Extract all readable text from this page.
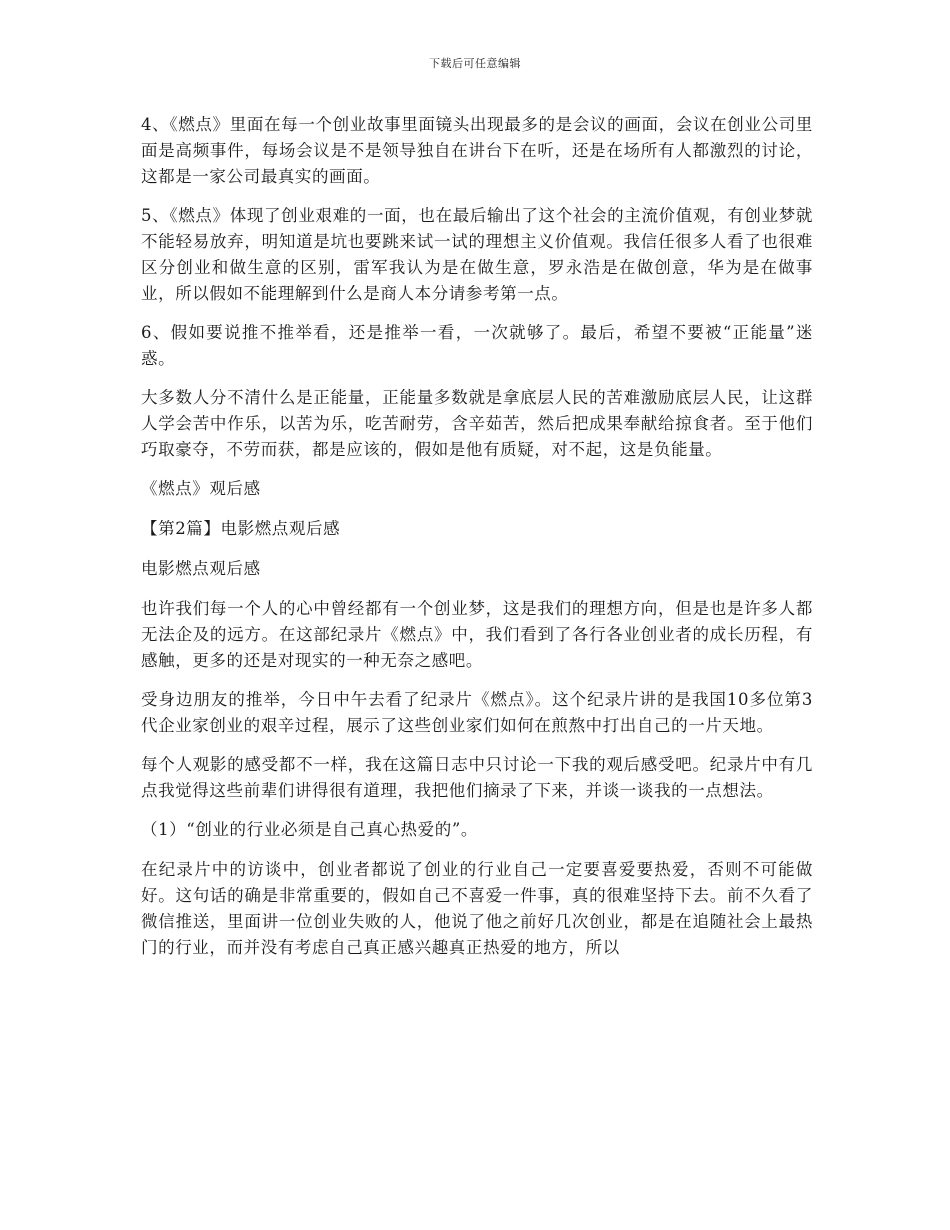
下载后可任意编辑

4、《燃点》里面在每一个创业故事里面镜头出现最多的是会议的画面，会议在创业公司里面是高频事件，每场会议是不是领导独自在讲台下在听，还是在场所有人都激烈的讨论，这都是一家公司最真实的画面。

5、《燃点》体现了创业艰难的一面，也在最后输出了这个社会的主流价值观，有创业梦就不能轻易放弃，明知道是坑也要跳来试一试的理想主义价值观。我信任很多人看了也很难区分创业和做生意的区别，雷军我认为是在做生意，罗永浩是在做创意，华为是在做事业，所以假如不能理解到什么是商人本分请参考第一点。

6、假如要说推不推举看，还是推举一看，一次就够了。最后，希望不要被“正能量”迷惑。

大多数人分不清什么是正能量，正能量多数就是拿底层人民的苦难激励底层人民，让这群人学会苦中作乐，以苦为乐，吃苦耐劳，含辛茹苦，然后把成果奉献给掠食者。至于他们巧取豪夺，不劳而获，都是应该的，假如是他有质疑，对不起，这是负能量。

《燃点》观后感

【第2篇】电影燃点观后感

电影燃点观后感

也许我们每一个人的心中曾经都有一个创业梦，这是我们的理想方向，但是也是许多人都无法企及的远方。在这部纪录片《燃点》中，我们看到了各行各业创业者的成长历程，有感触，更多的还是对现实的一种无奈之感吧。

受身边朋友的推举，今日中午去看了纪录片《燃点》。这个纪录片讲的是我国10多位第3代企业家创业的艰辛过程，展示了这些创业家们如何在煎熬中打出自己的一片天地。

每个人观影的感受都不一样，我在这篇日志中只讨论一下我的观后感受吧。纪录片中有几点我觉得这些前辈们讲得很有道理，我把他们摘录了下来，并谈一谈我的一点想法。

（1）“创业的行业必须是自己真心热爱的”。

在纪录片中的访谈中，创业者都说了创业的行业自己一定要喜爱要热爱，否则不可能做好。这句话的确是非常重要的，假如自己不喜爱一件事，真的很难坚持下去。前不久看了微信推送，里面讲一位创业失败的人，他说了他之前好几次创业，都是在追随社会上最热门的行业，而并没有考虑自己真正感兴趣真正热爱的地方，所以
